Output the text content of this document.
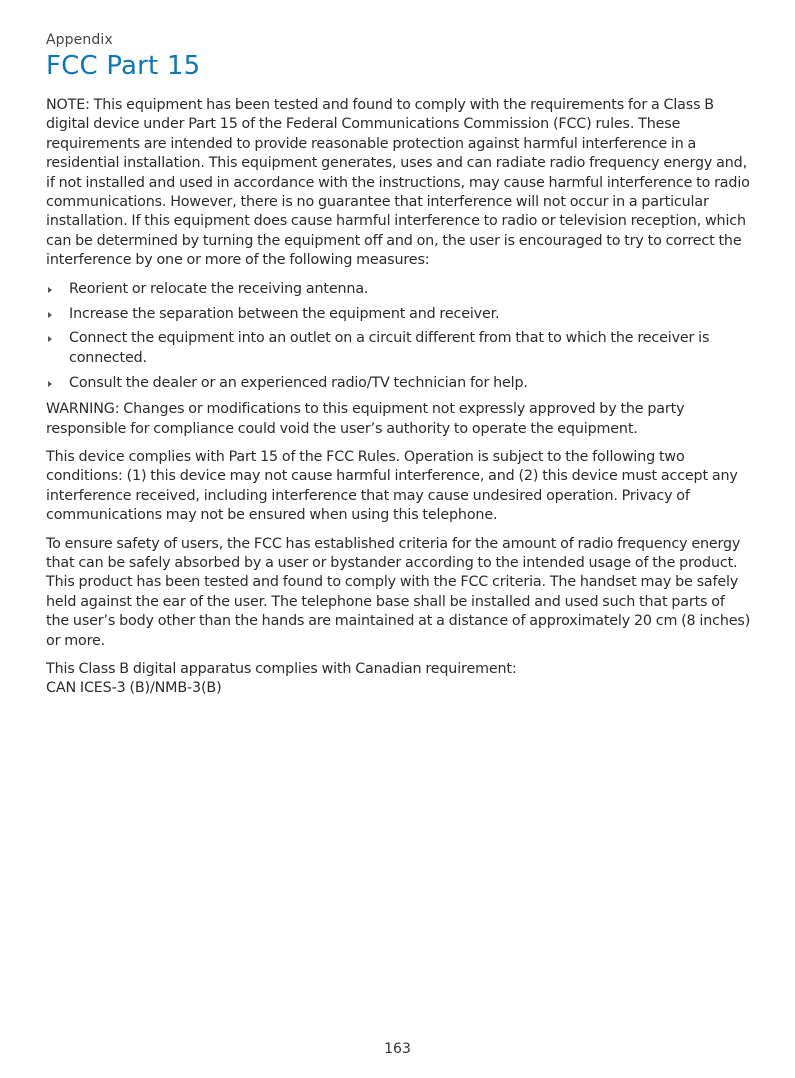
Appendix

FCC Part 15

NOTE: This equipment has been tested and found to comply with the requirements for a Class B digital device under Part 15 of the Federal Communications Commission (FCC) rules. These requirements are intended to provide reasonable protection against harmful interference in a residential installation. This equipment generates, uses and can radiate radio frequency energy and, if not installed and used in accordance with the instructions, may cause harmful interference to radio communications. However, there is no guarantee that interference will not occur in a particular installation. If this equipment does cause harmful interference to radio or television reception, which can be determined by turning the equipment off and on, the user is encouraged to try to correct the interference by one or more of the following measures:

Reorient or relocate the receiving antenna.
Increase the separation between the equipment and receiver.
Connect the equipment into an outlet on a circuit different from that to which the receiver is connected.
Consult the dealer or an experienced radio/TV technician for help.

WARNING: Changes or modifications to this equipment not expressly approved by the party responsible for compliance could void the user’s authority to operate the equipment.

This device complies with Part 15 of the FCC Rules. Operation is subject to the following two conditions: (1) this device may not cause harmful interference, and (2) this device must accept any interference received, including interference that may cause undesired operation. Privacy of communications may not be ensured when using this telephone.

To ensure safety of users, the FCC has established criteria for the amount of radio frequency energy that can be safely absorbed by a user or bystander according to the intended usage of the product. This product has been tested and found to comply with the FCC criteria. The handset may be safely held against the ear of the user. The telephone base shall be installed and used such that parts of the user’s body other than the hands are maintained at a distance of approximately 20 cm (8 inches) or more.

This Class B digital apparatus complies with Canadian requirement:

CAN ICES-3 (B)/NMB-3(B)

163
